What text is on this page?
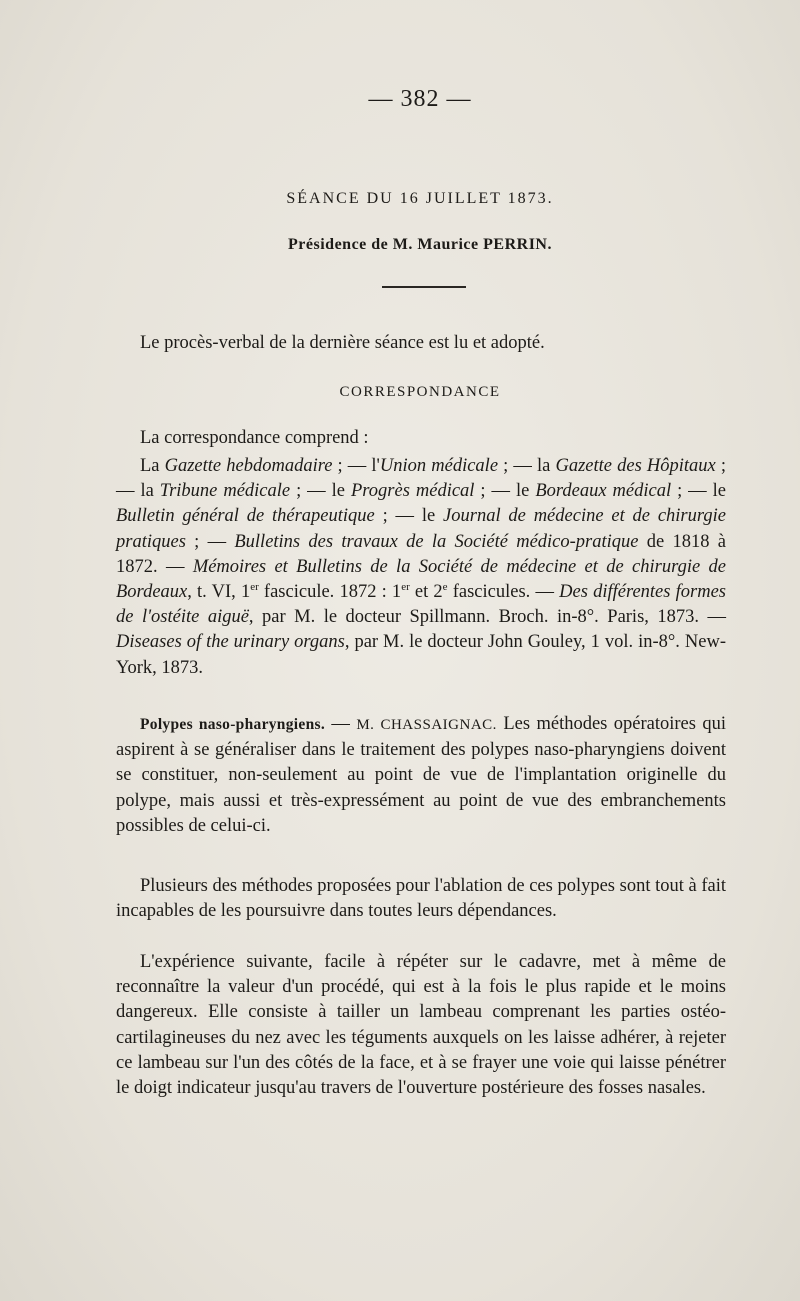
— 382 —
SÉANCE DU 16 JUILLET 1873.
Présidence de M. Maurice PERRIN.
Le procès-verbal de la dernière séance est lu et adopté.
CORRESPONDANCE

La correspondance comprend :

La Gazette hebdomadaire ; — l'Union médicale ; — la Gazette des Hôpitaux ; — la Tribune médicale ; — le Progrès médical ; — le Bordeaux médical ; — le Bulletin général de thérapeutique ; — le Journal de médecine et de chirurgie pratiques ; — Bulletins des travaux de la Société médico-pratique de 1818 à 1872. — Mémoires et Bulletins de la Société de médecine et de chirurgie de Bordeaux, t. VI, 1er fascicule. 1872 : 1er et 2e fascicules. — Des différentes formes de l'ostéite aiguë, par M. le docteur Spillmann. Broch. in-8°. Paris, 1873. — Diseases of the urinary organs, par M. le docteur John Gouley, 1 vol. in-8°. New-York, 1873.

Polypes naso-pharyngiens. — M. CHASSAIGNAC. Les méthodes opératoires qui aspirent à se généraliser dans le traitement des polypes naso-pharyngiens doivent se constituer, non-seulement au point de vue de l'implantation originelle du polype, mais aussi et très-expressément au point de vue des embranchements possibles de celui-ci.

Plusieurs des méthodes proposées pour l'ablation de ces polypes sont tout à fait incapables de les poursuivre dans toutes leurs dépendances.

L'expérience suivante, facile à répéter sur le cadavre, met à même de reconnaître la valeur d'un procédé, qui est à la fois le plus rapide et le moins dangereux. Elle consiste à tailler un lambeau comprenant les parties ostéo-cartilagineuses du nez avec les téguments auxquels on les laisse adhérer, à rejeter ce lambeau sur l'un des côtés de la face, et à se frayer une voie qui laisse pénétrer le doigt indicateur jusqu'au travers de l'ouverture postérieure des fosses nasales.
